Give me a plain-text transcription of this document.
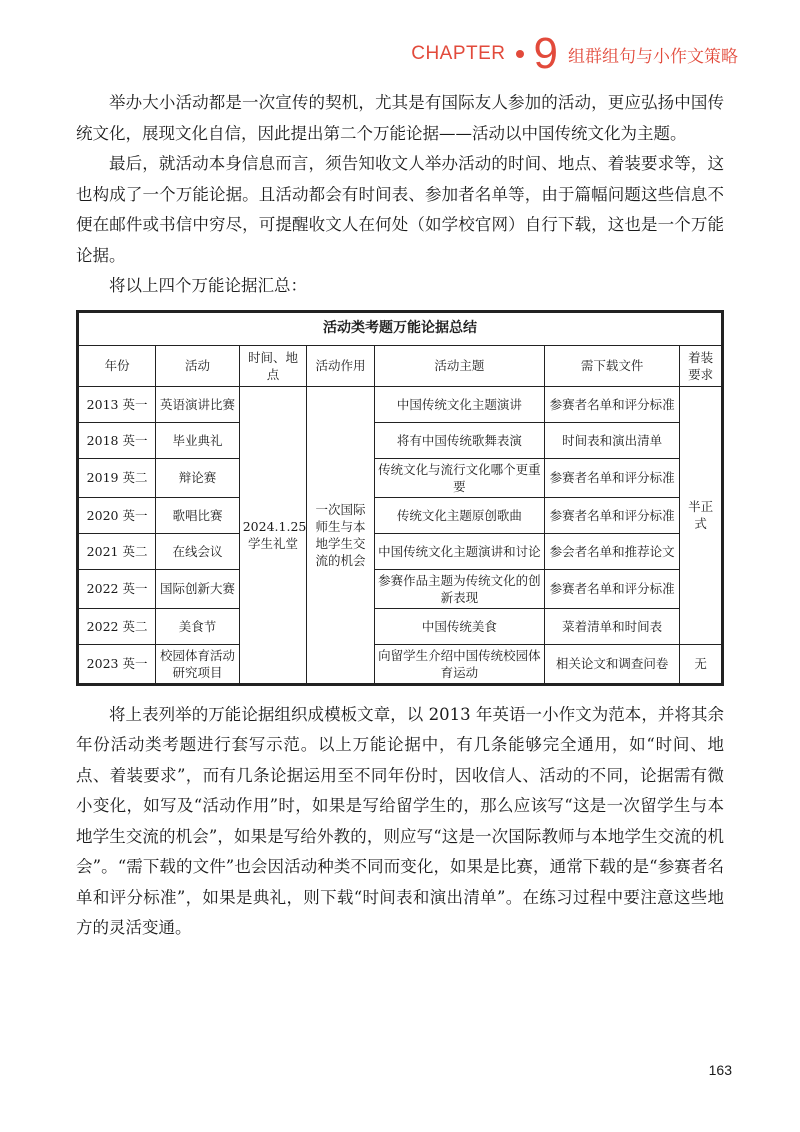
CHAPTER 9 组群组句与小作文策略

举办大小活动都是一次宣传的契机，尤其是有国际友人参加的活动，更应弘扬中国传统文化，展现文化自信，因此提出第二个万能论据——活动以中国传统文化为主题。

最后，就活动本身信息而言，须告知收文人举办活动的时间、地点、着装要求等，这也构成了一个万能论据。且活动都会有时间表、参加者名单等，由于篇幅问题这些信息不便在邮件或书信中穷尽，可提醒收文人在何处（如学校官网）自行下载，这也是一个万能论据。

将以上四个万能论据汇总：

活动类考题万能论据总结						
年份	活动	时间、地点	活动作用	活动主题	需下载文件	着装要求
2013 英一	英语演讲比赛	2024.1.25 学生礼堂	一次国际师生与本地学生交流的机会	中国传统文化主题演讲	参赛者名单和评分标准	半正式
2018 英一	毕业典礼			将有中国传统歌舞表演	时间表和演出清单	
2019 英二	辩论赛			传统文化与流行文化哪个更重要	参赛者名单和评分标准	
2020 英一	歌唱比赛			传统文化主题原创歌曲	参赛者名单和评分标准	
2021 英二	在线会议			中国传统文化主题演讲和讨论	参会者名单和推荐论文	
2022 英一	国际创新大赛			参赛作品主题为传统文化的创新表现	参赛者名单和评分标准	
2022 英二	美食节			中国传统美食	菜着清单和时间表	
2023 英一	校园体育活动研究项目			向留学生介绍中国传统校园体育运动	相关论文和调查问卷	无

将上表列举的万能论据组织成模板文章，以 2013 年英语一小作文为范本，并将其余年份活动类考题进行套写示范。以上万能论据中，有几条能够完全通用，如“时间、地点、着装要求”，而有几条论据运用至不同年份时，因收信人、活动的不同，论据需有微小变化，如写及“活动作用”时，如果是写给留学生的，那么应该写“这是一次留学生与本地学生交流的机会”，如果是写给外教的，则应写“这是一次国际教师与本地学生交流的机会”。“需下载的文件”也会因活动种类不同而变化，如果是比赛，通常下载的是“参赛者名单和评分标准”，如果是典礼，则下载“时间表和演出清单”。在练习过程中要注意这些地方的灵活变通。

163
